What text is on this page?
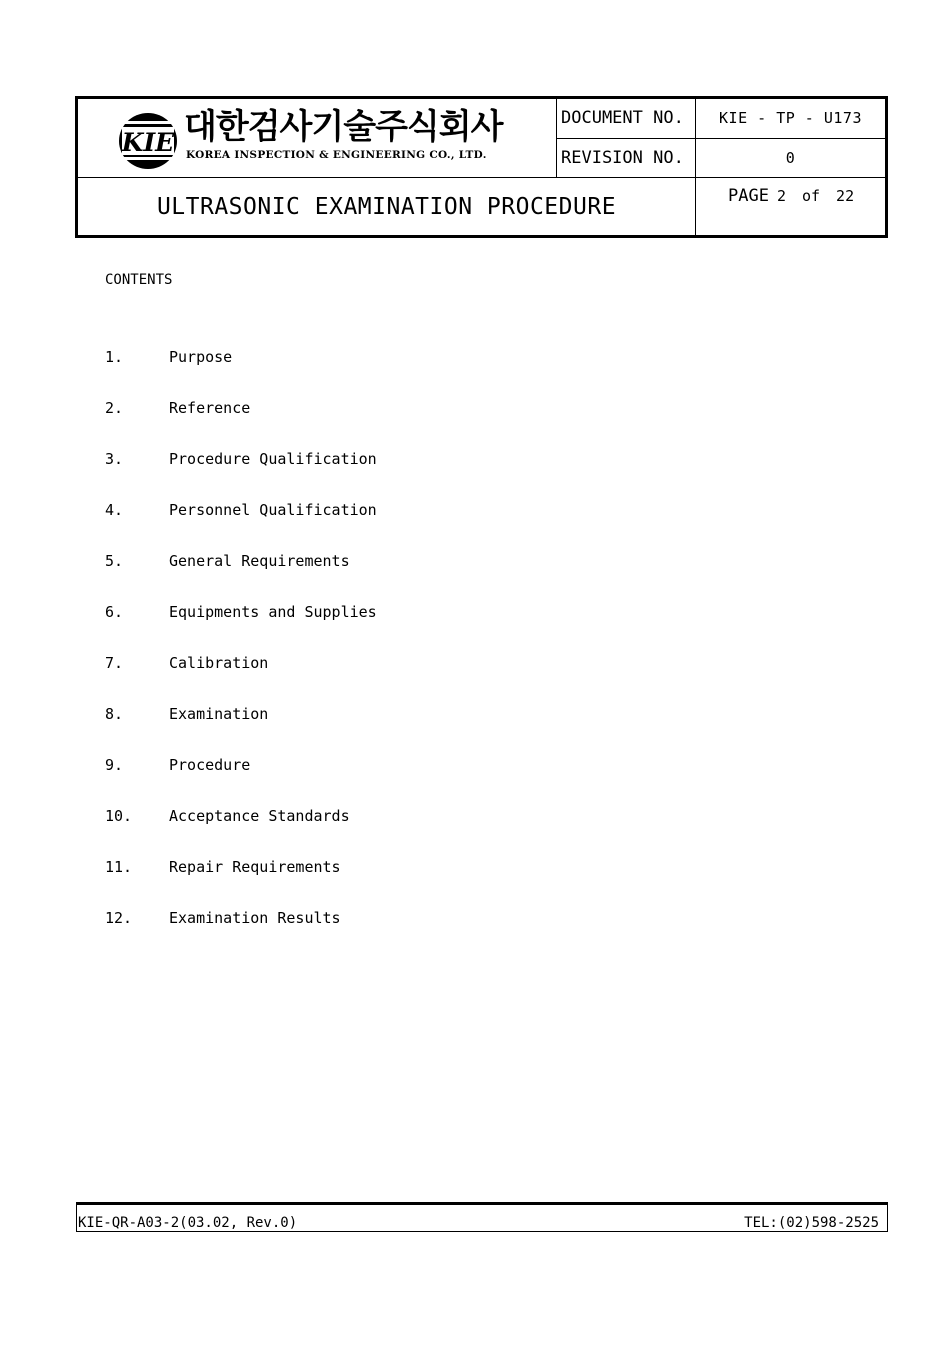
KIE 대한검사기술주식회사
KOREA INSPECTION & ENGINEERING CO., LTD.	DOCUMENT NO.	KIE - TP - U173
	REVISION NO.	0
ULTRASONIC EXAMINATION PROCEDURE		PAGE 2 of 22
CONTENTS
1.	Purpose
2.	Reference
3.	Procedure Qualification
4.	Personnel Qualification
5.	General Requirements
6.	Equipments and Supplies
7.	Calibration
8.	Examination
9.	Procedure
10. Acceptance Standards
11. Repair Requirements
12. Examination Results
KIE-QR-A03-2(03.02, Rev.0)	TEL:(02)598-2525
